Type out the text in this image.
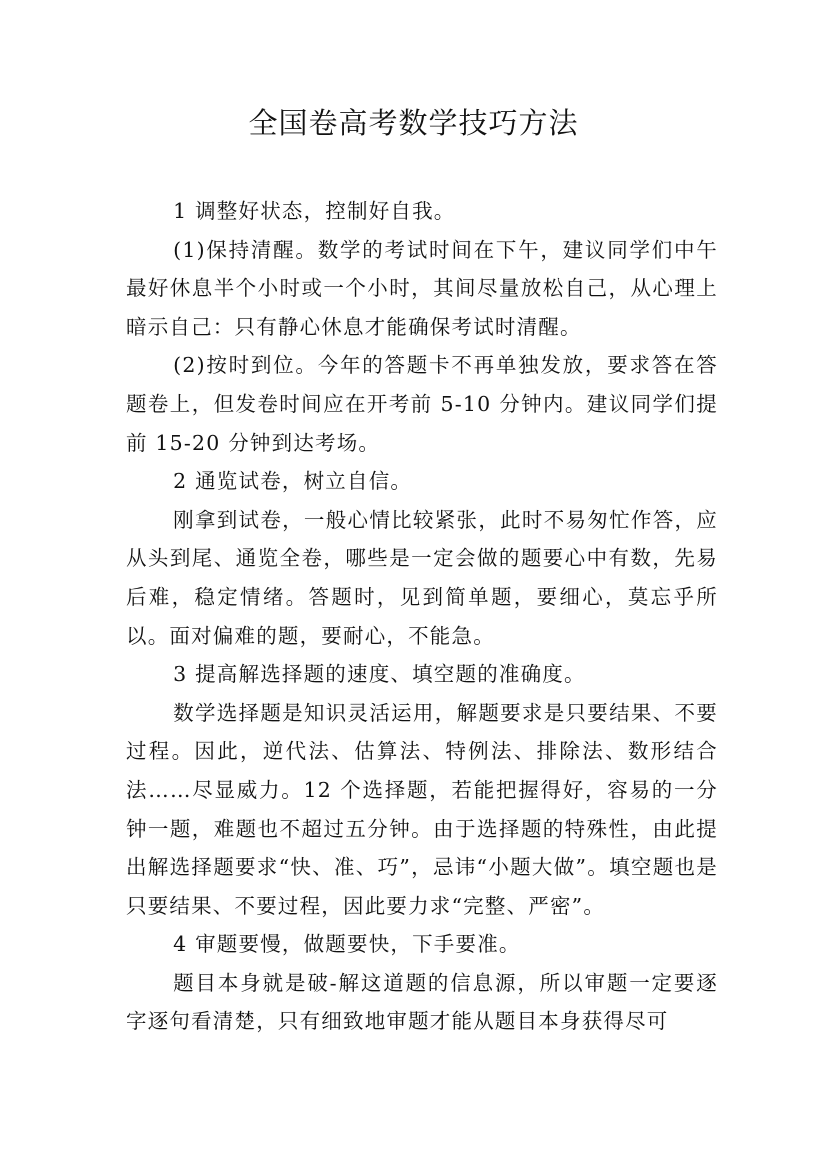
全国卷高考数学技巧方法

1 调整好状态，控制好自我。

(1)保持清醒。数学的考试时间在下午，建议同学们中午最好休息半个小时或一个小时，其间尽量放松自己，从心理上暗示自己：只有静心休息才能确保考试时清醒。

(2)按时到位。今年的答题卡不再单独发放，要求答在答题卷上，但发卷时间应在开考前 5-10 分钟内。建议同学们提前 15-20 分钟到达考场。

2 通览试卷，树立自信。

刚拿到试卷，一般心情比较紧张，此时不易匆忙作答，应从头到尾、通览全卷，哪些是一定会做的题要心中有数，先易后难，稳定情绪。答题时，见到简单题，要细心，莫忘乎所以。面对偏难的题，要耐心，不能急。

3 提高解选择题的速度、填空题的准确度。

数学选择题是知识灵活运用，解题要求是只要结果、不要过程。因此，逆代法、估算法、特例法、排除法、数形结合法……尽显威力。12 个选择题，若能把握得好，容易的一分钟一题，难题也不超过五分钟。由于选择题的特殊性，由此提出解选择题要求“快、准、巧”，忌讳“小题大做”。填空题也是只要结果、不要过程，因此要力求“完整、严密”。

4 审题要慢，做题要快，下手要准。

题目本身就是破-解这道题的信息源，所以审题一定要逐字逐句看清楚，只有细致地审题才能从题目本身获得尽可
